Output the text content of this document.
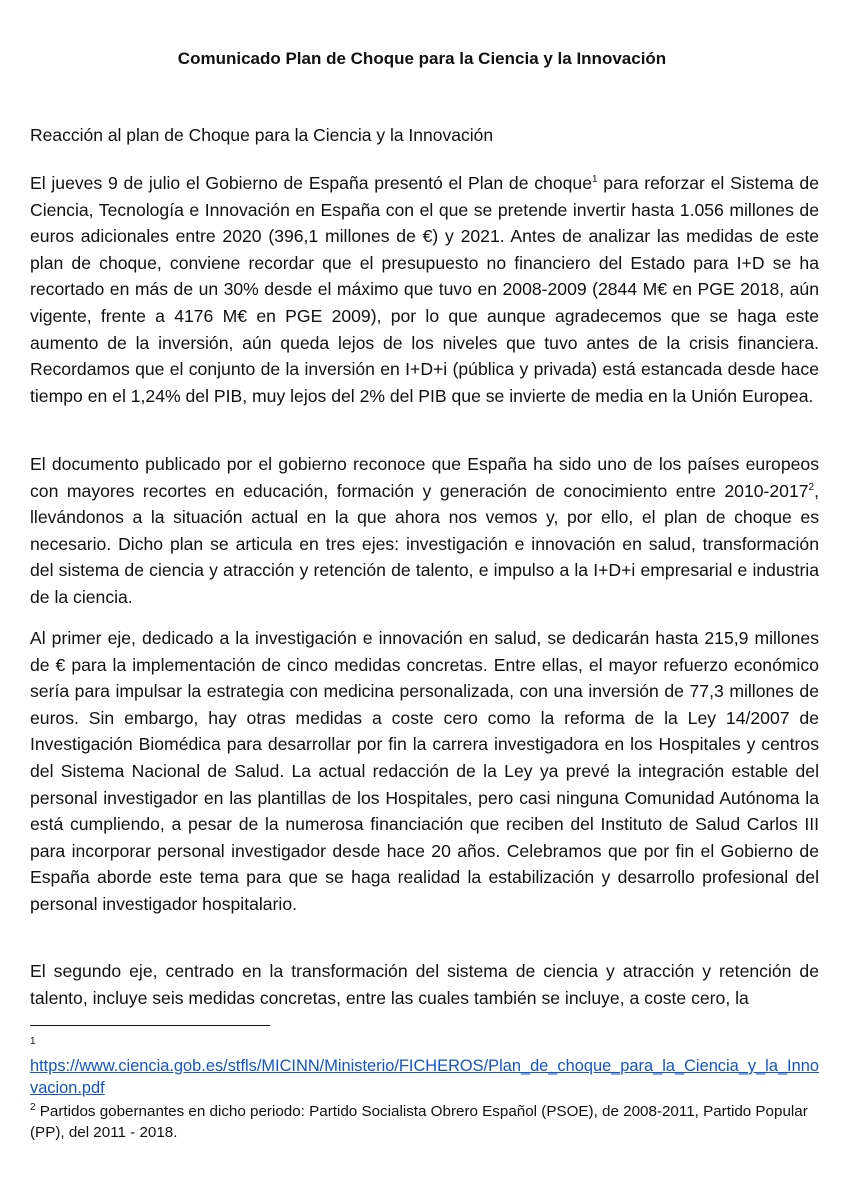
Comunicado Plan de Choque para la Ciencia y la Innovación
Reacción al plan de Choque para la Ciencia y la Innovación

El jueves 9 de julio el Gobierno de España presentó el Plan de choque$^1$ para reforzar el Sistema de Ciencia, Tecnología e Innovación en España con el que se pretende invertir hasta 1.056 millones de euros adicionales entre 2020 (396,1 millones de €) y 2021. Antes de analizar las medidas de este plan de choque, conviene recordar que el presupuesto no financiero del Estado para I+D se ha recortado en más de un 30% desde el máximo que tuvo en 2008-2009 (2844 M€ en PGE 2018, aún vigente, frente a 4176 M€ en PGE 2009), por lo que aunque agradecemos que se haga este aumento de la inversión, aún queda lejos de los niveles que tuvo antes de la crisis financiera. Recordamos que el conjunto de la inversión en I+D+i (pública y privada) está estancada desde hace tiempo en el 1,24% del PIB, muy lejos del 2% del PIB que se invierte de media en la Unión Europea.

El documento publicado por el gobierno reconoce que España ha sido uno de los países europeos con mayores recortes en educación, formación y generación de conocimiento entre 2010-2017$^2$, llevándonos a la situación actual en la que ahora nos vemos y, por ello, el plan de choque es necesario. Dicho plan se articula en tres ejes: investigación e innovación en salud, transformación del sistema de ciencia y atracción y retención de talento, e impulso a la I+D+i empresarial e industria de la ciencia.

Al primer eje, dedicado a la investigación e innovación en salud, se dedicarán hasta 215,9 millones de € para la implementación de cinco medidas concretas. Entre ellas, el mayor refuerzo económico sería para impulsar la estrategia con medicina personalizada, con una inversión de 77,3 millones de euros. Sin embargo, hay otras medidas a coste cero como la reforma de la Ley 14/2007 de Investigación Biomédica para desarrollar por fin la carrera investigadora en los Hospitales y centros del Sistema Nacional de Salud. La actual redacción de la Ley ya prevé la integración estable del personal investigador en las plantillas de los Hospitales, pero casi ninguna Comunidad Autónoma la está cumpliendo, a pesar de la numerosa financiación que reciben del Instituto de Salud Carlos III para incorporar personal investigador desde hace 20 años. Celebramos que por fin el Gobierno de España aborde este tema para que se haga realidad la estabilización y desarrollo profesional del personal investigador hospitalario.

El segundo eje, centrado en la transformación del sistema de ciencia y atracción y retención de talento, incluye seis medidas concretas, entre las cuales también se incluye, a coste cero, la

1
https://www.ciencia.gob.es/stfls/MICINN/Ministerio/FICHEROS/Plan_de_choque_para_la_Ciencia_y_la_Innovacion.pdf
$^2$ Partidos gobernantes en dicho periodo: Partido Socialista Obrero Español (PSOE), de 2008-2011, Partido Popular (PP), del 2011 - 2018.
